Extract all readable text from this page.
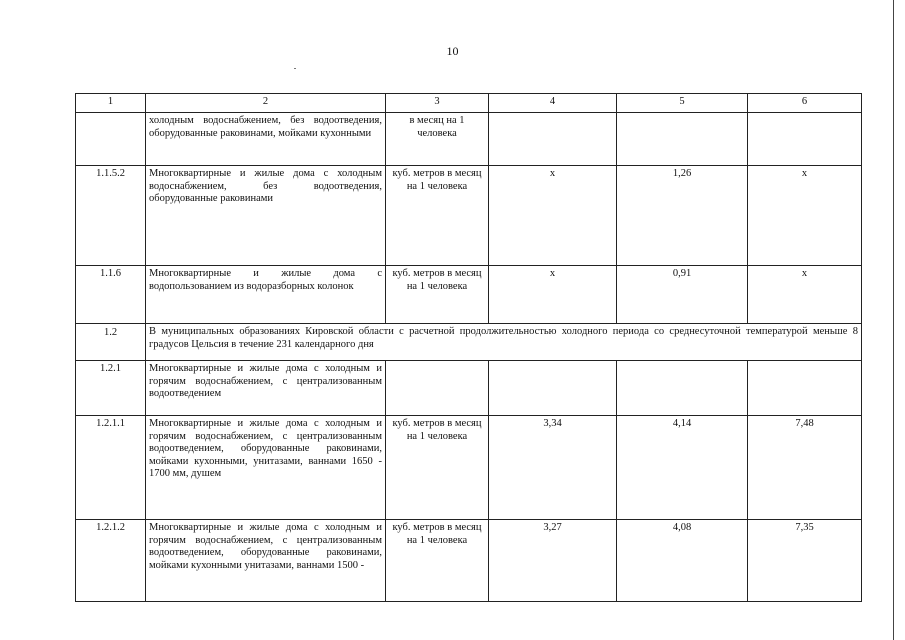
10
1	2	3	4	5	6
	холодным водоснабжением, без водоотведения, оборудованные раковинами, мойками кухонными	в месяц на 1 человека			
1.1.5.2	Многоквартирные и жилые дома с холодным водоснабжением, без водоотведения, оборудованные раковинами	куб. метров в месяц на 1 человека	х	1,26	х
1.1.6	Многоквартирные и жилые дома с водопользованием из водоразборных колонок	куб. метров в месяц на 1 человека	х	0,91	х
1.2	В муниципальных образованиях Кировской области с расчетной продолжительностью холодного периода со среднесуточной температурой меньше 8 градусов Цельсия в течение 231 календарного дня				
1.2.1	Многоквартирные и жилые дома с холодным и горячим водоснабжением, с централизованным водоотведением				
1.2.1.1	Многоквартирные и жилые дома с холодным и горячим водоснабжением, с централизованным водоотведением, оборудованные раковинами, мойками кухонными, унитазами, ваннами 1650 - 1700 мм, душем	куб. метров в месяц на 1 человека	3,34	4,14	7,48
1.2.1.2	Многоквартирные и жилые дома с холодным и горячим водоснабжением, с централизованным водоотведением, оборудованные раковинами, мойками кухонными унитазами, ваннами 1500 -	куб. метров в месяц на 1 человека	3,27	4,08	7,35
